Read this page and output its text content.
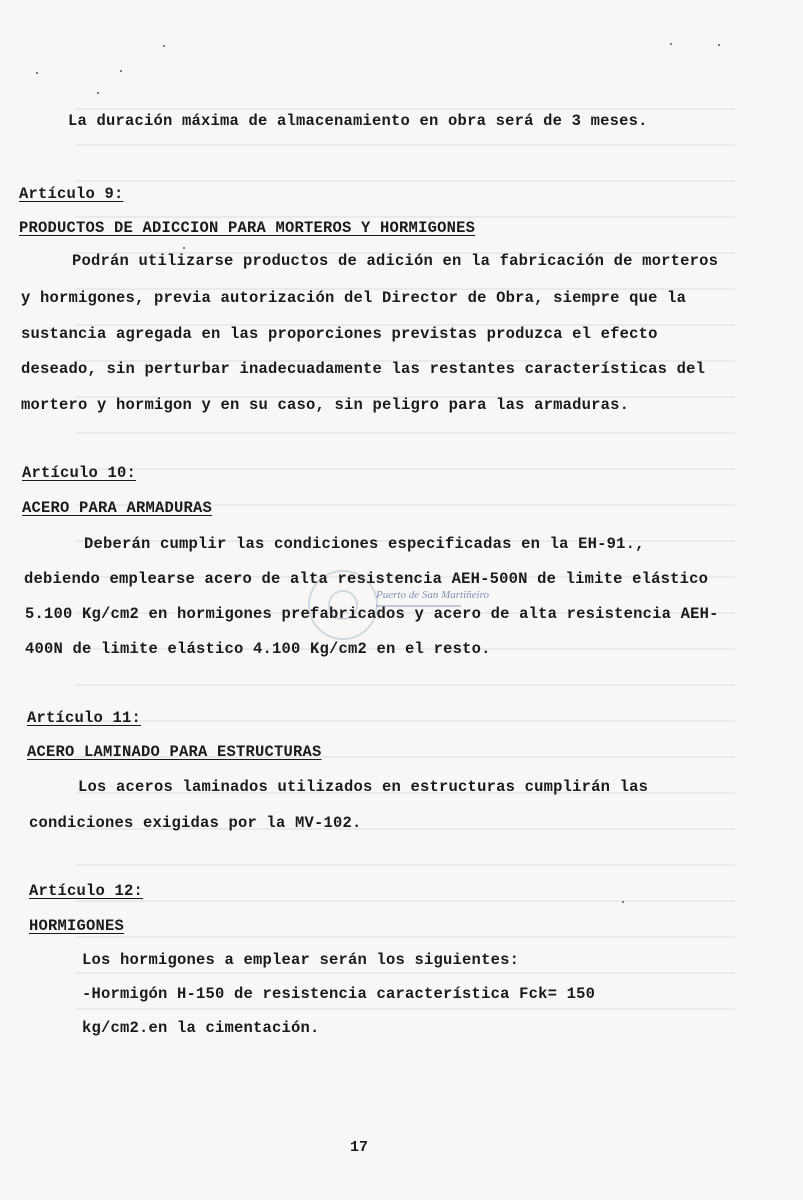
La duración máxima de almacenamiento en obra será de 3 meses.
Artículo 9:
PRODUCTOS DE ADICCION PARA MORTEROS Y HORMIGONES
Podrán utilizarse productos de adición en la fabricación de morteros
y hormigones, previa autorización del Director de Obra, siempre que la
sustancia agregada en las proporciones previstas produzca el efecto
deseado, sin perturbar inadecuadamente las restantes características del
mortero y hormigon y en su caso, sin peligro para las armaduras.
Artículo 10:
ACERO PARA ARMADURAS
Deberán cumplir las condiciones especificadas en la EH-91.,
debiendo emplearse acero de alta resistencia AEH-500N de limite elástico
5.100 Kg/cm2 en hormigones prefabricados y acero de alta resistencia AEH-
400N de limite elástico 4.100 Kg/cm2 en el resto.
Artículo 11:
ACERO LAMINADO PARA ESTRUCTURAS
Los aceros laminados utilizados en estructuras cumplirán las
condiciones exigidas por la MV-102.
Artículo 12:
HORMIGONES
Los hormigones a emplear serán los siguientes:
-Hormigón H-150 de resistencia característica Fck= 150
kg/cm2.en la cimentación.
Puerto de San Martiñeiro
17
